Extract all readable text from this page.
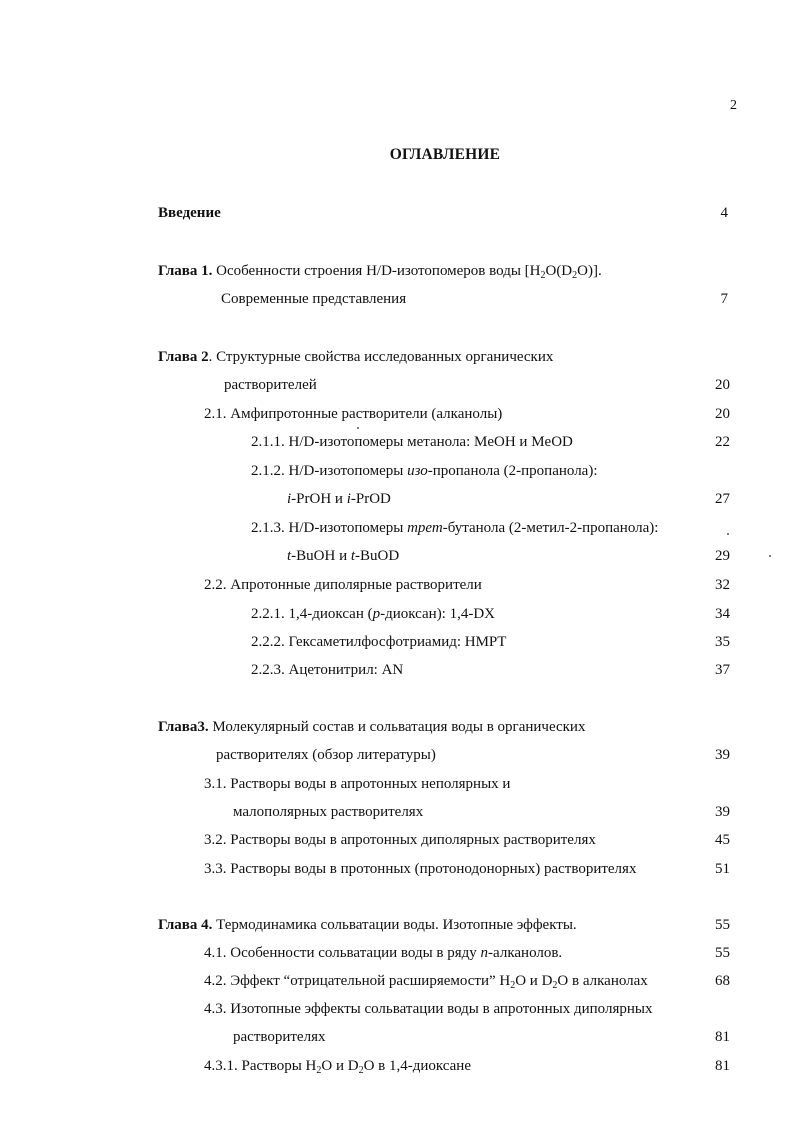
2
ОГЛАВЛЕНИЕ
Введение	4
Глава 1. Особенности строения H/D-изотопомеров воды $[H_2O(D_2O)]$.
Современные представления	7
Глава 2. Структурные свойства исследованных органических
растворителей	20
2.1. Амфипротонные растворители (алканолы)	20
2.1.1. H/D-изотопомеры метанола: MeOH и MeOD	22
2.1.2. H/D-изотопомеры изо-пропанола (2-пропанола):
i-PrOH и i-PrOD	27
2.1.3. H/D-изотопомеры трет-бутанола (2-метил-2-пропанола):
t-BuOH и t-BuOD	29
2.2. Апротонные диполярные растворители	32
2.2.1. 1,4-диоксан (p-диоксан): 1,4-DX	34
2.2.2. Гексаметилфосфотриамид: HMPT	35
2.2.3. Ацетонитрил: AN	37
Глава3. Молекулярный состав и сольватация воды в органических
растворителях (обзор литературы)	39
3.1. Растворы воды в апротонных неполярных и
малополярных растворителях	39
3.2. Растворы воды в апротонных диполярных растворителях	45
3.3. Растворы воды в протонных (протонодонорных) растворителях	51
Глава 4. Термодинамика сольватации воды. Изотопные эффекты.	55
4.1. Особенности сольватации воды в ряду n-алканолов.	55
4.2. Эффект “отрицательной расширяемости” $H_2O$ и $D_2O$ в алканолах	68
4.3. Изотопные эффекты сольватации воды в апротонных диполярных
растворителях	81
4.3.1. Растворы $H_2O$ и $D_2O$ в 1,4-диоксане	81
